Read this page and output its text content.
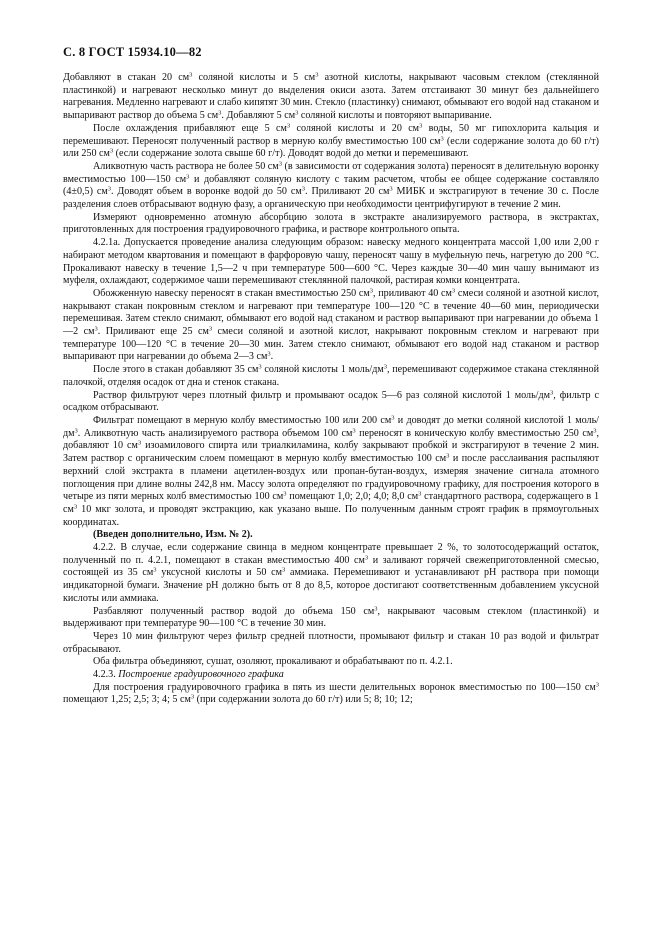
С. 8 ГОСТ 15934.10—82

Добавляют в стакан 20 $см^3$ соляной кислоты и 5 $см^3$ азотной кислоты, накрывают часовым стеклом (стеклянной пластинкой) и нагревают несколько минут до выделения окиси азота. Затем отстаивают 30 минут без дальнейшего нагревания. Медленно нагревают и слабо кипятят 30 мин. Стекло (пластинку) снимают, обмывают его водой над стаканом и выпаривают раствор до объема 5 $см^3$. Добавляют 5 $см^3$ соляной кислоты и повторяют выпаривание.

После охлаждения прибавляют еще 5 $см^3$ соляной кислоты и 20 $см^3$ воды, 50 мг гипохлорита кальция и перемешивают. Переносят полученный раствор в мерную колбу вместимостью 100 $см^3$ (если содержание золота до 60 г/т) или 250 $см^3$ (если содержание золота свыше 60 г/т). Доводят водой до метки и перемешивают.

Аликвотную часть раствора не более 50 $см^3$ (в зависимости от содержания золота) переносят в делительную воронку вместимостью 100—150 $см^3$ и добавляют соляную кислоту с таким расчетом, чтобы ее общее содержание составляло (4±0,5) $см^3$. Доводят объем в воронке водой до 50 $см^3$. Приливают 20 $см^3$ МИБК и экстрагируют в течение 30 с. После разделения слоев отбрасывают водную фазу, а органическую при необходимости центрифугируют в течение 2 мин.

Измеряют одновременно атомную абсорбцию золота в экстракте анализируемого раствора, в экстрактах, приготовленных для построения градуировочного графика, и растворе контрольного опыта.

4.2.1а. Допускается проведение анализа следующим образом: навеску медного концентрата массой 1,00 или 2,00 г набирают методом квартования и помещают в фарфоровую чашу, переносят чашу в муфельную печь, нагретую до 200 °С. Прокаливают навеску в течение 1,5—2 ч при температуре 500—600 °С. Через каждые 30—40 мин чашу вынимают из муфеля, охлаждают, содержимое чаши перемешивают стеклянной палочкой, растирая комки концентрата.

Обожженную навеску переносят в стакан вместимостью 250 $см^3$, приливают 40 $см^3$ смеси соляной и азотной кислот, накрывают стакан покровным стеклом и нагревают при температуре 100—120 °С в течение 40—60 мин, периодически перемешивая. Затем стекло снимают, обмывают его водой над стаканом и раствор выпаривают при нагревании до объема 1—2 $см^3$. Приливают еще 25 $см^3$ смеси соляной и азотной кислот, накрывают покровным стеклом и нагревают при температуре 100—120 °С в течение 20—30 мин. Затем стекло снимают, обмывают его водой над стаканом и раствор выпаривают при нагревании до объема 2—3 $см^3$.

После этого в стакан добавляют 35 $см^3$ соляной кислоты 1 моль/$дм^3$, перемешивают содержимое стакана стеклянной палочкой, отделяя осадок от дна и стенок стакана.

Раствор фильтруют через плотный фильтр и промывают осадок 5—6 раз соляной кислотой 1 моль/$дм^3$, фильтр с осадком отбрасывают.

Фильтрат помещают в мерную колбу вместимостью 100 или 200 $см^3$ и доводят до метки соляной кислотой 1 моль/$дм^3$. Аликвотную часть анализируемого раствора объемом 100 $см^3$ переносят в коническую колбу вместимостью 250 $см^3$, добавляют 10 $см^3$ изоамилового спирта или триалкиламина, колбу закрывают пробкой и экстрагируют в течение 2 мин. Затем раствор с органическим слоем помещают в мерную колбу вместимостью 100 $см^3$ и после расслаивания распыляют верхний слой экстракта в пламени ацетилен-воздух или пропан-бутан-воздух, измеряя значение сигнала атомного поглощения при длине волны 242,8 нм. Массу золота определяют по градуировочному графику, для построения которого в четыре из пяти мерных колб вместимостью 100 $см^3$ помещают 1,0; 2,0; 4,0; 8,0 $см^3$ стандартного раствора, содержащего в 1 $см^3$ 10 мкг золота, и проводят экстракцию, как указано выше. По полученным данным строят график в прямоугольных координатах.

(Введен дополнительно, Изм. № 2).

4.2.2. В случае, если содержание свинца в медном концентрате превышает 2 %, то золотосодержащий остаток, полученный по п. 4.2.1, помещают в стакан вместимостью 400 $см^3$ и заливают горячей свежеприготовленной смесью, состоящей из 35 $см^3$ уксусной кислоты и 50 $см^3$ аммиака. Перемешивают и устанавливают рН раствора при помощи индикаторной бумаги. Значение рН должно быть от 8 до 8,5, которое достигают соответственным добавлением уксусной кислоты или аммиака.

Разбавляют полученный раствор водой до объема 150 $см^3$, накрывают часовым стеклом (пластинкой) и выдерживают при температуре 90—100 °С в течение 30 мин.

Через 10 мин фильтруют через фильтр средней плотности, промывают фильтр и стакан 10 раз водой и фильтрат отбрасывают.

Оба фильтра объединяют, сушат, озоляют, прокаливают и обрабатывают по п. 4.2.1.

4.2.3. Построение градуировочного графика

Для построения градуировочного графика в пять из шести делительных воронок вместимостью по 100—150 $см^3$ помещают 1,25; 2,5; 3; 4; 5 $см^3$ (при содержании золота до 60 г/т) или 5; 8; 10; 12;
